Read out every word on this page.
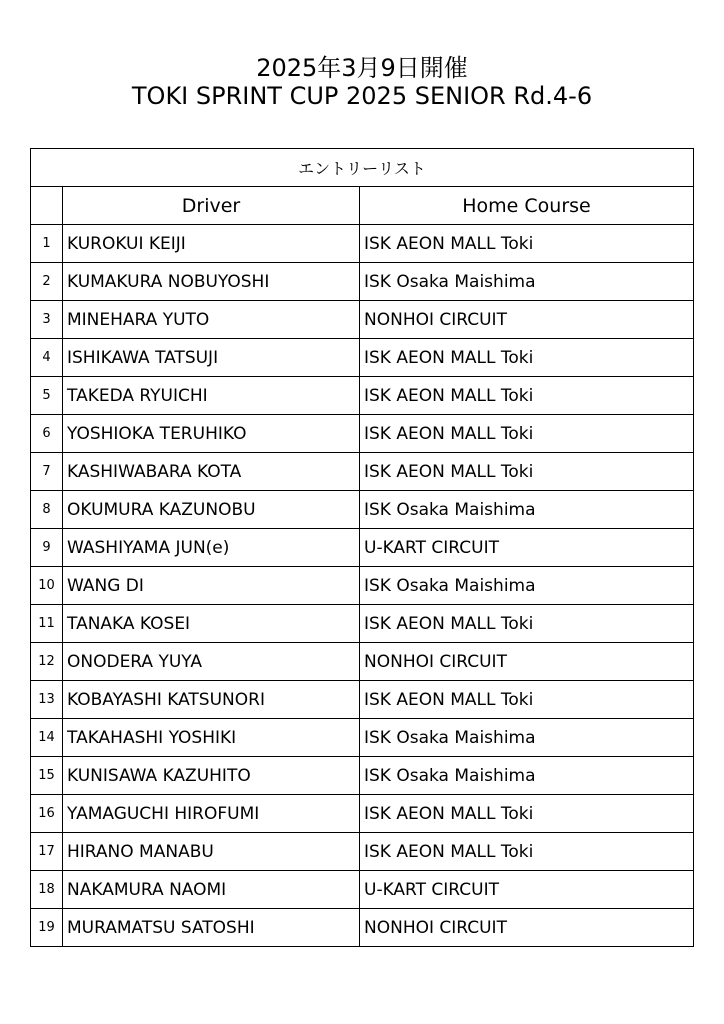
2025年3月9日開催
TOKI SPRINT CUP 2025 SENIOR Rd.4-6
エントリーリスト		
	Driver	Home Course
1	KUROKUI KEIJI	ISK AEON MALL Toki
2	KUMAKURA NOBUYOSHI	ISK Osaka Maishima
3	MINEHARA YUTO	NONHOI CIRCUIT
4	ISHIKAWA TATSUJI	ISK AEON MALL Toki
5	TAKEDA RYUICHI	ISK AEON MALL Toki
6	YOSHIOKA TERUHIKO	ISK AEON MALL Toki
7	KASHIWABARA KOTA	ISK AEON MALL Toki
8	OKUMURA KAZUNOBU	ISK Osaka Maishima
9	WASHIYAMA JUN(e)	U-KART CIRCUIT
10	WANG DI	ISK Osaka Maishima
11	TANAKA KOSEI	ISK AEON MALL Toki
12	ONODERA YUYA	NONHOI CIRCUIT
13	KOBAYASHI KATSUNORI	ISK AEON MALL Toki
14	TAKAHASHI YOSHIKI	ISK Osaka Maishima
15	KUNISAWA KAZUHITO	ISK Osaka Maishima
16	YAMAGUCHI HIROFUMI	ISK AEON MALL Toki
17	HIRANO MANABU	ISK AEON MALL Toki
18	NAKAMURA NAOMI	U-KART CIRCUIT
19	MURAMATSU SATOSHI	NONHOI CIRCUIT
